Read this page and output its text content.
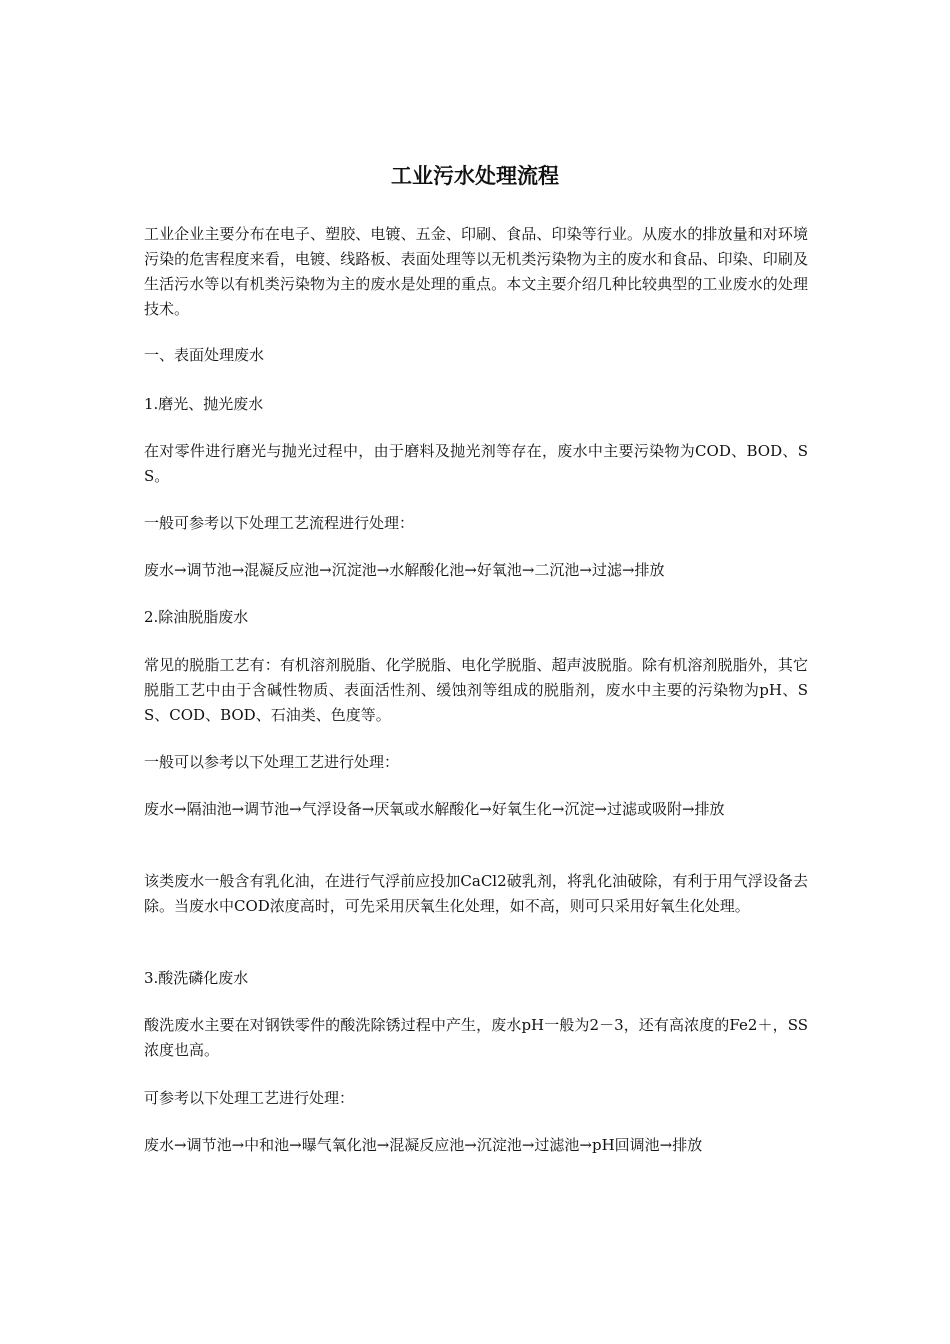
工业污水处理流程

工业企业主要分布在电子、塑胶、电镀、五金、印刷、食品、印染等行业。从废水的排放量和对环境污染的危害程度来看，电镀、线路板、表面处理等以无机类污染物为主的废水和食品、印染、印刷及生活污水等以有机类污染物为主的废水是处理的重点。本文主要介绍几种比较典型的工业废水的处理技术。

一、表面处理废水

1.磨光、抛光废水

在对零件进行磨光与抛光过程中，由于磨料及抛光剂等存在，废水中主要污染物为COD、BOD、SS。

一般可参考以下处理工艺流程进行处理：

废水→调节池→混凝反应池→沉淀池→水解酸化池→好氧池→二沉池→过滤→排放

2.除油脱脂废水

常见的脱脂工艺有：有机溶剂脱脂、化学脱脂、电化学脱脂、超声波脱脂。除有机溶剂脱脂外，其它脱脂工艺中由于含碱性物质、表面活性剂、缓蚀剂等组成的脱脂剂，废水中主要的污染物为pH、SS、COD、BOD、石油类、色度等。

一般可以参考以下处理工艺进行处理：

废水→隔油池→调节池→气浮设备→厌氧或水解酸化→好氧生化→沉淀→过滤或吸附→排放

该类废水一般含有乳化油，在进行气浮前应投加CaCl2破乳剂，将乳化油破除，有利于用气浮设备去除。当废水中COD浓度高时，可先采用厌氧生化处理，如不高，则可只采用好氧生化处理。

3.酸洗磷化废水

酸洗废水主要在对钢铁零件的酸洗除锈过程中产生，废水pH一般为2－3，还有高浓度的Fe2＋，SS浓度也高。

可参考以下处理工艺进行处理：

废水→调节池→中和池→曝气氧化池→混凝反应池→沉淀池→过滤池→pH回调池→排放
